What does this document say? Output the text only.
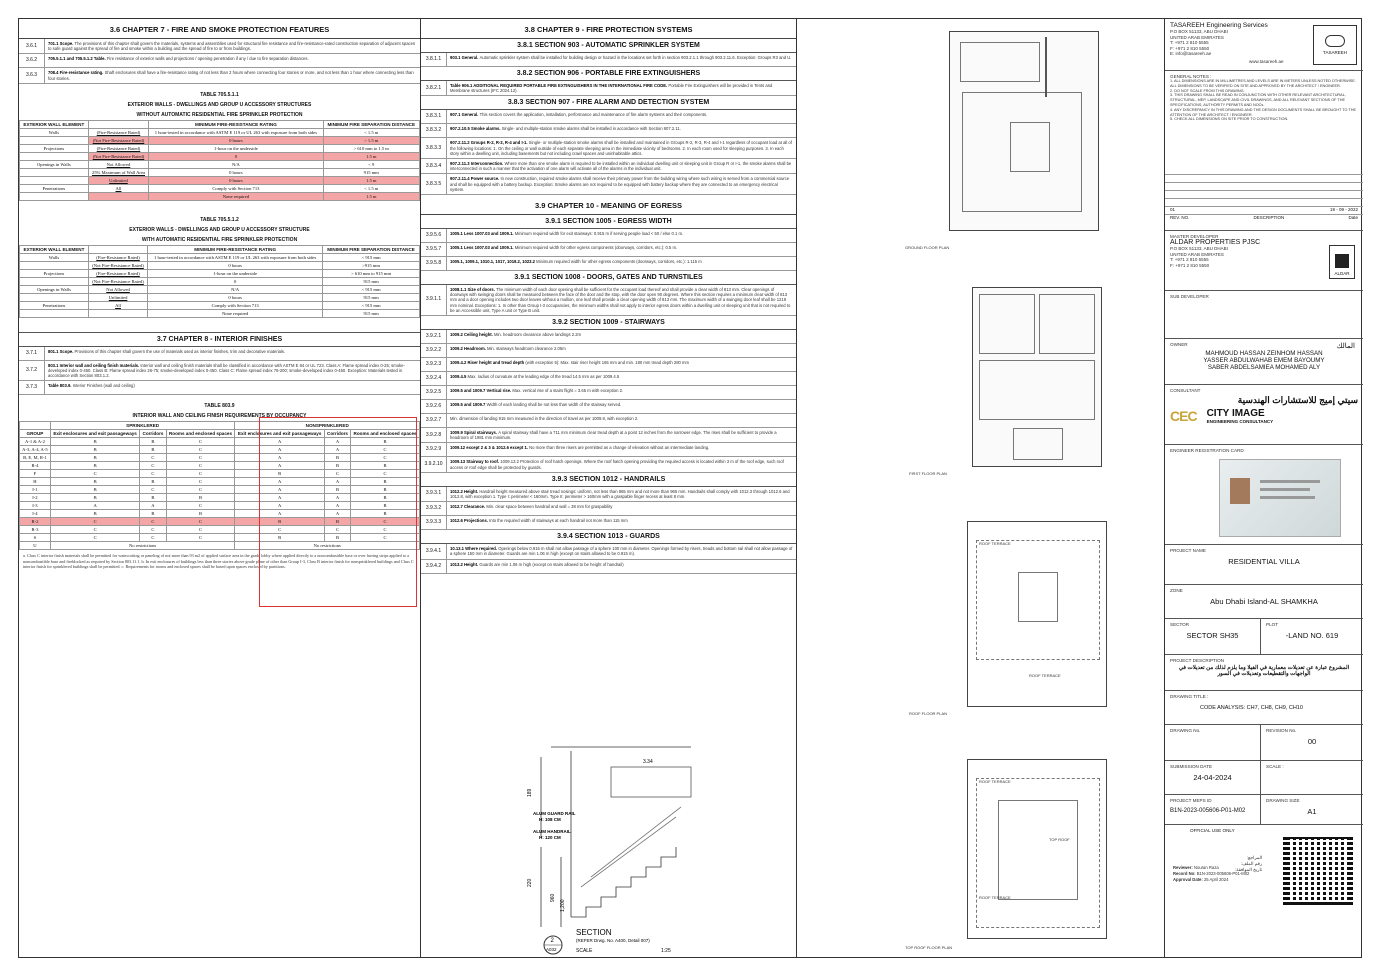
3.6 CHAPTER 7 - FIRE AND SMOKE PROTECTION FEATURES
3.6.1	701.1 Scope. The provisions of this chapter shall govern the materials, systems and assemblies used for structural fire resistance and fire-resistance-rated construction separation of adjacent spaces to safe guard against the spread of fire and smoke within a building and the spread of fire to or from buildings.
3.6.2	705.5.1.1 and 705.5.1.2 Table. Fire resistance of exterior walls and projections / opening penetration if any / due to fire separation distances.
3.6.3	708.4 Fire-resistance rating. Shaft enclosures shall have a fire-resistance rating of not less than 2 hours where connecting four stories or more, and not less than 1 hour where connecting less than four stories.
TABLE 705.5.1.1
EXTERIOR WALLS - DWELLINGS AND GROUP U ACCESSORY STRUCTURES
WITHOUT AUTOMATIC RESIDENTIAL FIRE SPRINKLER PROTECTION
EXTERIOR WALL ELEMENT		MINIMUM FIRE-RESISTANCE RATING	MINIMUM FIRE SEPARATION DISTANCE
Walls	(Fire-Resistance Rated)	1 hour-tested in accordance with ASTM E 119 or UL 263 with exposure from both sides	< 1.5 m
	(Not Fire-Resistance Rated)	0 hours	> 1.5 m
Projections	(Fire-Resistance Rated)	1-hour on the underside	> 610 mm to 1.5 m
	(Not Fire-Resistance Rated)	0	1.5 m
Openings in Walls	Not Allowed	N/A	< 9
	25% Maximum of Wall Area	0 hours	915 mm
	Unlimited	0 hours	1.5 m
Penetrations	All	Comply with Section 713	< 1.5 m
		None required	1.5 m
TABLE 705.5.1.2
EXTERIOR WALLS - DWELLINGS AND GROUP U ACCESSORY STRUCTURE
WITH AUTOMATIC RESIDENTIAL FIRE SPRINKLER PROTECTION
EXTERIOR WALL ELEMENT		MINIMUM FIRE-RESISTANCE RATING	MINIMUM FIRE SEPARATION DISTANCE
Walls	(Fire-Resistance Rated)	1 hour-tested in accordance with ASTM E 119 or UL 263 with exposure from both sides	< 915 mm
	(Not Fire-Resistance Rated)	0 hours	>915 mm
Projections	(Fire-Resistance Rated)	1-hour on the underside	> 610 mm to 915 mm
	(Not Fire-Resistance Rated)	0	915 mm
Openings in Walls	Not Allowed	N/A	< 915 mm
	Unlimited	0 hours	915 mm
Penetrations	All	Comply with Section 713	< 915 mm
		None required	915 mm
3.7 CHAPTER 8 - INTERIOR FINISHES
3.7.1	801.1 Scope. Provisions of this chapter shall govern the use of materials used as interior finishes, trim and decorative materials.
3.7.2
803.1 Interior wall and ceiling finish materials. Interior wall and ceiling finish materials shall be classified in accordance with ASTM E 84 or UL 723. Class A: Flame spread index 0-25; smoke-developed index 0-450. Class B: Flame spread index 26-75; smoke-developed index 0-450. Class C: Flame spread index 76-200; smoke-developed index 0-450. Exception: Materials tested in accordance with Section 803.1.2.
3.7.3	Table 803.9. Interior Finishes (wall and ceiling)
TABLE 803.9
INTERIOR WALL AND CEILING FINISH REQUIREMENTS BY OCCUPANCY
	SPRINKLERED			NONSPRINKLERED		
GROUP	Exit enclosures and exit passageways	Corridors	Rooms and enclosed spaces	Exit enclosures and exit passageways	Corridors	Rooms and enclosed spaces
A-1 & A-2	B	B	C	A	A	B
A-3, A-4, A-5	B	B	C	A	A	C
B, E, M, R-1	B	C	C	A	B	C
R-4	B	C	C	A	B	B
F	C	C	C	B	C	C
H	B	B	C	A	A	B
I-1	B	C	C	A	B	B
I-2	B	B	B	A	A	B
I-3	A	A	C	A	A	B
I-4	B	B	B	A	A	B
R-2	C	C	C	B	B	C
R-3	C	C	C	C	C	C
S	C	C	C	B	B	C
U	No restrictions			No restrictions		
a. Class C interior finish materials shall be permitted for wainscotting or paneling of not more than 93 m2 of applied surface area in the grade lobby where applied directly to a noncombustible base or over furring strips applied to a noncombustible base and fireblocked as required by Section 803.11.1. b. In exit enclosures of buildings less than three stories above grade plane of other than Group I-3, Class B interior finish for nonsprinklered buildings and Class C interior finish for sprinklered buildings shall be permitted. c. Requirements for rooms and enclosed spaces shall be based upon spaces enclosed by partitions.
3.8 CHAPTER 9 - FIRE PROTECTION SYSTEMS
3.8.1 SECTION 903 - AUTOMATIC SPRINKLER SYSTEM
3.8.1.1	903.1 General. Automatic sprinkler system shall be installed for building design or hazard in the locations set forth in section 903.2.1.1 through 903.2.11.6. Exception: Groups R3 and U.
3.8.2 SECTION 906 - PORTABLE FIRE EXTINGUISHERS
3.8.2.1	Table 906.1 ADDITIONAL REQUIRED PORTABLE FIRE EXTINGUISHERS IN THE INTERNATIONAL FIRE CODE. Portable Fire Extinguishers will be provided in Tents and Membrane structures (IFC 2024.12).
3.8.3 SECTION 907 - FIRE ALARM AND DETECTION SYSTEM
3.8.3.1	907.1 General. This section covers the application, installation, performance and maintenance of fire alarm systems and their components.
3.8.3.2	907.2.10.5 Smoke alarms. Single- and multiple-station smoke alarms shall be installed in accordance with Section 907.2.11.
3.8.3.3
907.2.11.2 Groups R-2, R-3, R-4 and I-1. Single- or multiple-station smoke alarms shall be installed and maintained in Groups R-2, R-3, R-4 and I-1 regardless of occupant load at all of the following locations: 1. On the ceiling or wall outside of each separate sleeping area in the immediate vicinity of bedrooms. 2. In each room used for sleeping purposes. 3. In each story within a dwelling unit, including basements but not including crawl spaces and uninhabitable attics.
3.8.3.4	907.2.11.3 Interconnection. Where more than one smoke alarm is required to be installed within an individual dwelling unit or sleeping unit in Group R or I-1, the smoke alarms shall be interconnected in such a manner that the activation of one alarm will activate all of the alarms in the individual unit.
3.8.3.5
907.2.11.4 Power source. In new construction, required smoke alarms shall receive their primary power from the building wiring where such wiring is served from a commercial source and shall be equipped with a battery backup. Exception: Smoke alarms are not required to be equipped with battery backup where they are connected to an emergency electrical system.
3.9 CHAPTER 10 - MEANING OF EGRESS
3.9.1 SECTION 1005 - EGRESS WIDTH
3.9.5.6	1005.1 Less 1007.03 and 1009.1. Minimum required width for exit stairways: 0.915 m if serving people load < 50 / else 0.1 m.
3.9.5.7	1005.1 Less 1007.03 and 1009.1. Minimum required width for other egress components (doorways, corridors, etc.): 0.5 m.
3.9.5.8	1005.1, 1009.1, 1010.1, 1017, 1019.2, 1023.2 Minimum required width for other egress components (doorways, corridors, etc.): 1.115 m
3.9.1 SECTION 1008 - DOORS, GATES AND TURNSTILES
3.9.1.1
1008.1.1 Size of doors. The minimum width of each door opening shall be sufficient for the occupant load thereof and shall provide a clear width of 813 mm. Clear openings of doorways with swinging doors shall be measured between the face of the door and the stop, with the door open 90 degrees. Where this section requires a minimum clear width of 813 mm and a door opening includes two door leaves without a mullion, one leaf shall provide a clear opening width of 813 mm. The maximum width of a swinging door leaf shall be 1219 mm nominal. Exceptions: 1. In other than Group I-3 occupancies, the minimum widths shall not apply to interior egress doors within a dwelling unit or sleeping unit that is not required to be an Accessible unit, Type A unit or Type B unit.
3.9.2 SECTION 1009 - STAIRWAYS
3.9.2.1	1009.2 Ceiling height. Min. headroom clearance above landings 2.2m
3.9.2.2	1009.2 Headroom. Min. stairways headroom clearance 2.05m
3.9.2.3	1009.4.2 Riser height and tread depth (with exception 5): Max. stair riser height 165 mm and min. 180 mm tread depth 280 mm
3.9.2.4	1009.4.5 Max. radius of curvature at the leading edge of the tread 14.5 mm as per 1009.4.5
3.9.2.5	1009.5 and 1009.7 Vertical rise. Max. vertical rise of a stairs flight = 3.65 m with exception 2.
3.9.2.6	1009.5 and 1009.7 Width of each landing shall be not less than width of the stairway served.
3.9.2.7	Min. dimension of landing 915 mm measured in the direction of travel as per 1009.8, with exception 2.
3.9.2.8	1009.9 Spiral stairways. A spiral stairway shall have a 711 mm minimum clear tread depth at a point 12 inches from the narrower edge. The rises shall be sufficient to provide a headroom of 1981 mm minimum.
3.9.2.9	1009.12 except 2 & 3 & 1012.6 except 1. No more than three risers are permitted as a change of elevation without an intermediate landing.
3.9.2.10	1009.13 Stairway to roof. 1009.13.2 Protection of roof hatch openings. Where the roof hatch opening providing the required access is located within 3 m of the roof edge, such roof access or roof edge shall be protected by guards.
3.9.3 SECTION 1012 - HANDRAILS
3.9.3.1	1012.2 Height. Handrail height measured above stair tread nosings: uniform, not less than 865 mm and not more than 965 mm. Handrails shall comply with 1012.3 through 1012.6 and 1012.8, with exception 1. Type I: perimeter < 160mm. Type II: perimeter > 160mm with a graspable finger recess at least 8 mm.
3.9.3.2	1012.7 Clearance. Min. clear space between handrail and wall = 38 mm for graspability
3.9.3.3	1012.6 Projections. Into the required width of stairways at each handrail not more than 115 mm
3.9.4 SECTION 1013 - GUARDS
3.9.4.1	10.13.1 Where required. Openings below 0.915 m shall not allow passage of a sphere 100 mm in diameter. Openings formed by risers, treads and bottom rail shall not allow passage of a sphere 150 mm in diameter. Guards are min 1.06 m high (except on stairs allowed to be 0.915 m).
3.9.4.2	1013.2 Height. Guards are min 1.06 m high (except on stairs allowed to be height of handrail)
189
220
960
1,200
3.34
ALUM GUARD RAIL
H: 108 CM
ALUM HANDRAIL
H: 120 CM
2
A032
SECTION
(REFER Drwg. No. A400, Detail 007)
SCALE	1:25
GROUND FLOOR PLAN
FIRST FLOOR PLAN
ROOF TERRACE
ROOF TERRACE
ROOF FLOOR PLAN
ROOF TERRACE
TOP ROOF
ROOF TERRACE
TOP ROOF FLOOR PLAN
TASAREEH Engineering Services
P.O BOX 51133, ABU DHABI
UNITED ARAB EMIRATES
T: +971 2 810 5555
F: +971 2 810 5550
E: info@tasareeh.ae
www.tasareeh.ae
TASAREEH
GENERAL NOTES :
1. ALL DIMENSIONS ARE IN MILLIMETRES AND LEVELS ARE IN METERS UNLESS NOTED OTHERWISE. ALL DIMENSIONS TO BE VERIFIED ON SITE AND APPROVED BY THE ARCHITECT / ENGINEER.
2. DO NOT SCALE FROM THIS DRAWING.
3. THIS DRAWING SHALL BE READ IN CONJUNCTION WITH OTHER RELEVANT ARCHITECTURAL, STRUCTURAL, MEP, LANDSCAPE AND CIVIL DRAWINGS, AND ALL RELEVANT SECTIONS OF THE SPECIFICATIONS, AUTHORITY PERMITS AND NOCs.
4. ANY DISCREPANCY IN THIS DRAWING AND THE DESIGN DOCUMENTS SHALL BE BROUGHT TO THE ATTENTION OF THE ARCHITECT / ENGINEER.
5. CHECK ALL DIMENSIONS ON SITE PRIOR TO CONSTRUCTION.
01	19 - 09 - 2022
REV. NO.	DESCRIPTION	Date
MASTER DEVELOPER
ALDAR PROPERTIES PJSC
P.O BOX 51133, ABU DHABI
UNITED ARAB EMIRATES
T: +971 2 810 5555
F: +971 2 810 5550
ALDAR
SUB DEVELOPER
OWNER	المالك
MAHMOUD HASSAN ZEINHOM HASSAN
YASSER ABDULWAHAB EMEM BAYOUMY
SABER ABDELSAMIEA MOHAMED ALY
CONSULTANT
سيتي إميج للاستشارات الهندسية
CEC CITY IMAGE
ENGINEERING CONSULTANCY
ENGINEER REGISTRATION CARD
PROJECT NAME
RESIDENTIAL VILLA
ZONE
Abu Dhabi Island-AL SHAMKHA
SECTOR
SECTOR SH35
PLOT
-LAND NO. 619
PROJECT DESCRIPTION
المشروع عبارة عن تعديلات معمارية في الفيلا وما يلزم لذلك من تعديلات في الواجهات والتقطيعات وتعديلات في السور
DRAWING TITLE :
CODE ANALYSIS: CH7, CH8, CH9, CH10
DRAWING No.	REVISION No.
00
SUBMISSION DATE
24-04-2024
SCALE :
PROJECT MEPS ID
B1N-2023-005606-P01-M02
DRAWING SIZE
A1
OFFICIAL USE ONLY
Reviewer: Nouran Raza
Record No: B1N-2023-005606-P01-M02
Approval Date: 25 April 2024
المراجع:
رقم الملف:
تاريخ الموافقة:
